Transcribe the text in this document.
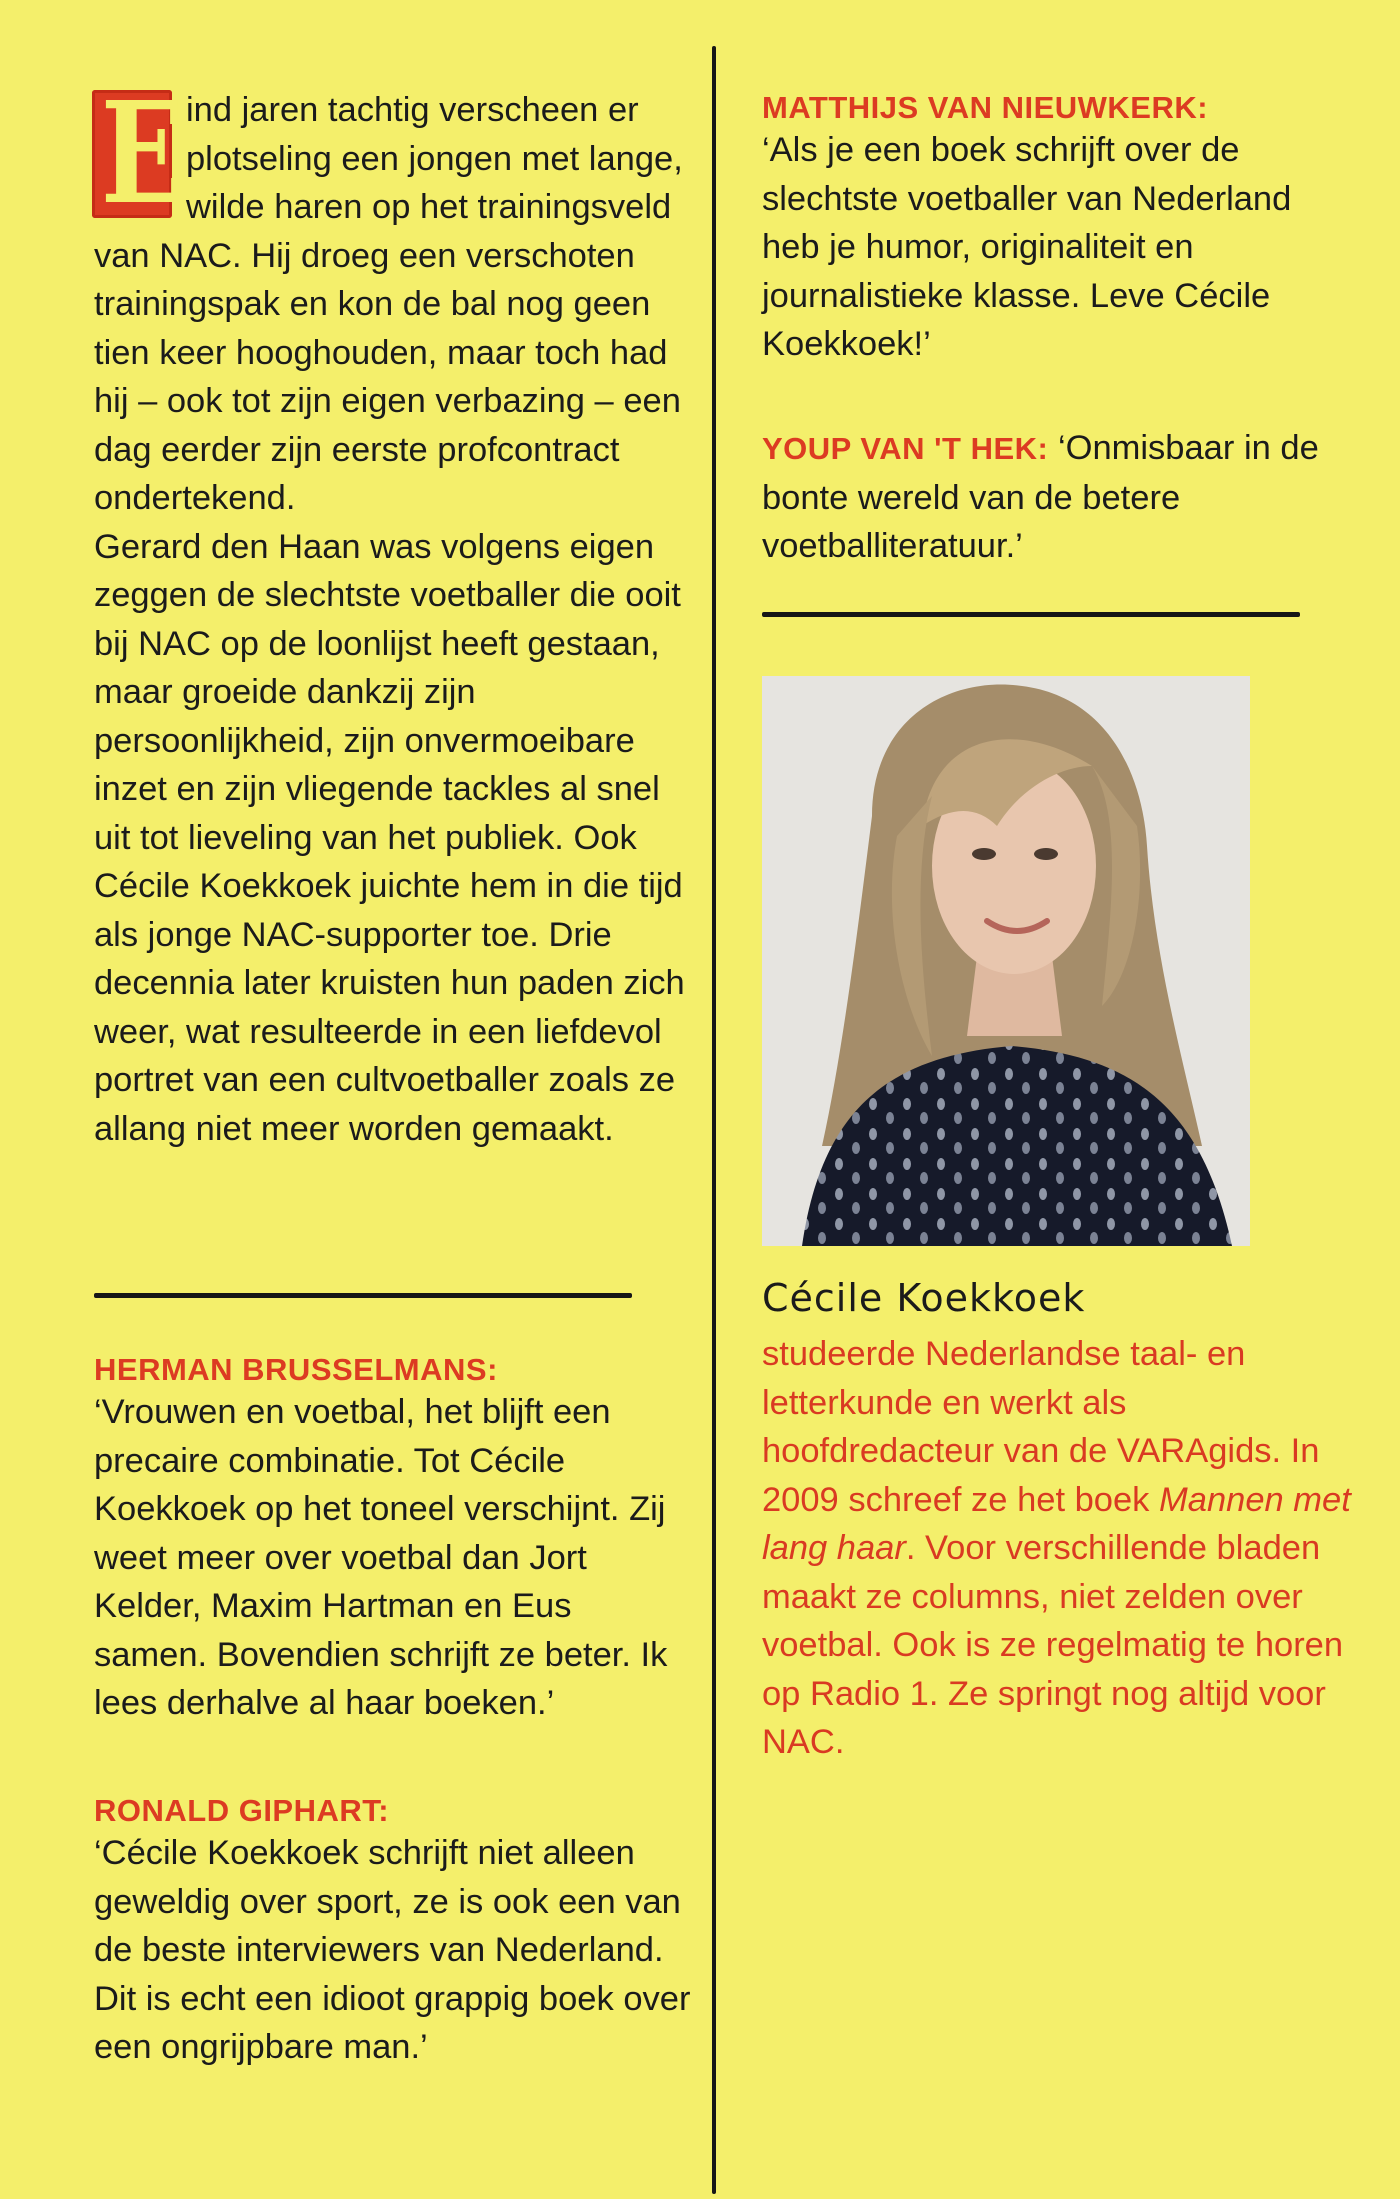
E ind jaren tachtig verscheen er plotseling een jongen met lange, wilde haren op het trainingsveld van NAC. Hij droeg een verschoten trainingspak en kon de bal nog geen tien keer hooghouden, maar toch had hij – ook tot zijn eigen verbazing – een dag eerder zijn eerste profcontract ondertekend.

Gerard den Haan was volgens eigen zeggen de slechtste voetballer die ooit bij NAC op de loonlijst heeft gestaan, maar groeide dankzij zijn persoonlijkheid, zijn onvermoeibare inzet en zijn vliegende tackles al snel uit tot lieveling van het publiek. Ook Cécile Koekkoek juichte hem in die tijd als jonge NAC-supporter toe. Drie decennia later kruisten hun paden zich weer, wat resulteerde in een liefdevol portret van een cultvoetballer zoals ze allang niet meer worden gemaakt.

HERMAN BRUSSELMANS:

‘Vrouwen en voetbal, het blijft een precaire combinatie. Tot Cécile Koekkoek op het toneel verschijnt. Zij weet meer over voetbal dan Jort Kelder, Maxim Hartman en Eus samen. Bovendien schrijft ze beter. Ik lees derhalve al haar boeken.’

RONALD GIPHART:

‘Cécile Koekkoek schrijft niet alleen geweldig over sport, ze is ook een van de beste interviewers van Nederland. Dit is echt een idioot grappig boek over een ongrijpbare man.’

MATTHIJS VAN NIEUWKERK:

‘Als je een boek schrijft over de slechtste voetballer van Nederland heb je humor, originaliteit en journalistieke klasse. Leve Cécile Koekkoek!’

YOUP VAN 'T HEK: ‘Onmisbaar in de bonte wereld van de betere voetballiteratuur.’

Cécile Koekkoek

studeerde Nederlandse taal- en letterkunde en werkt als hoofdredacteur van de VARAgids. In 2009 schreef ze het boek Mannen met lang haar. Voor verschillende bladen maakt ze columns, niet zelden over voetbal. Ook is ze regelmatig te horen op Radio 1. Ze springt nog altijd voor NAC.
